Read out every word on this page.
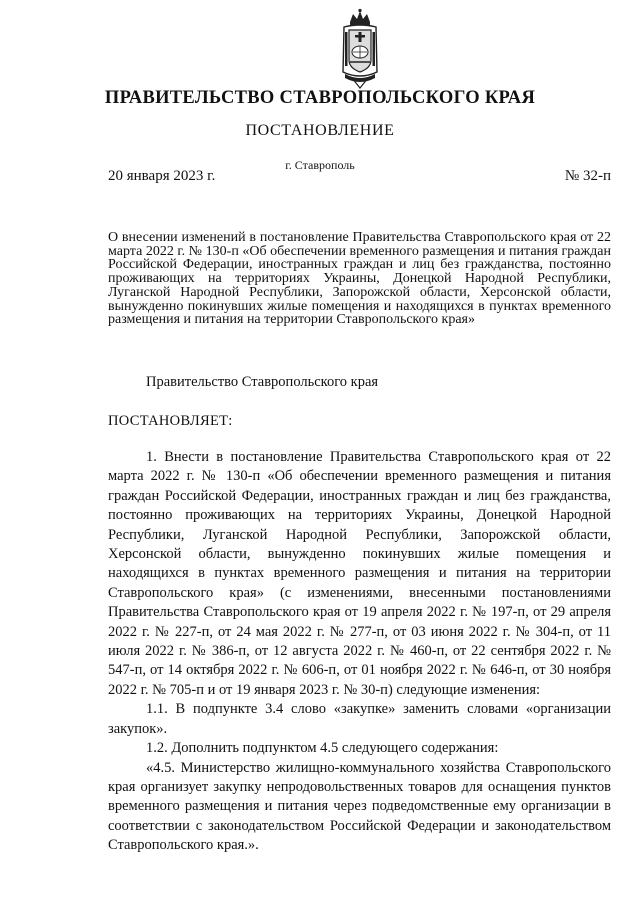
ПРАВИТЕЛЬСТВО СТАВРОПОЛЬСКОГО КРАЯ
ПОСТАНОВЛЕНИЕ
г. Ставрополь
20 января 2023 г.	№ 32-п
О внесении изменений в постановление Правительства Ставропольского края от 22 марта 2022 г. № 130-п «Об обеспечении временного размещения и питания граждан Российской Федерации, иностранных граждан и лиц без гражданства, постоянно проживающих на территориях Украины, Донецкой Народной Республики, Луганской Народной Республики, Запорожской области, Херсонской области, вынужденно покинувших жилые помещения и находящихся в пунктах временного размещения и питания на территории Ставропольского края»
Правительство Ставропольского края
ПОСТАНОВЛЯЕТ:

1. Внести в постановление Правительства Ставропольского края от 22 марта 2022 г. № 130-п «Об обеспечении временного размещения и питания граждан Российской Федерации, иностранных граждан и лиц без гражданства, постоянно проживающих на территориях Украины, Донецкой Народной Республики, Луганской Народной Республики, Запорожской области, Херсонской области, вынужденно покинувших жилые помещения и находящихся в пунктах временного размещения и питания на территории Ставропольского края» (с изменениями, внесенными постановлениями Правительства Ставропольского края от 19 апреля 2022 г. № 197-п, от 29 апреля 2022 г. № 227-п, от 24 мая 2022 г. № 277-п, от 03 июня 2022 г. № 304-п, от 11 июля 2022 г. № 386-п, от 12 августа 2022 г. № 460-п, от 22 сентября 2022 г. № 547-п, от 14 октября 2022 г. № 606-п, от 01 ноября 2022 г. № 646-п, от 30 ноября 2022 г. № 705-п и от 19 января 2023 г. № 30-п) следующие изменения:

1.1. В подпункте 3.4 слово «закупке» заменить словами «организации закупок».

1.2. Дополнить подпунктом 4.5 следующего содержания:

«4.5. Министерство жилищно-коммунального хозяйства Ставропольского края организует закупку непродовольственных товаров для оснащения пунктов временного размещения и питания через подведомственные ему организации в соответствии с законодательством Российской Федерации и законодательством Ставропольского края.».
